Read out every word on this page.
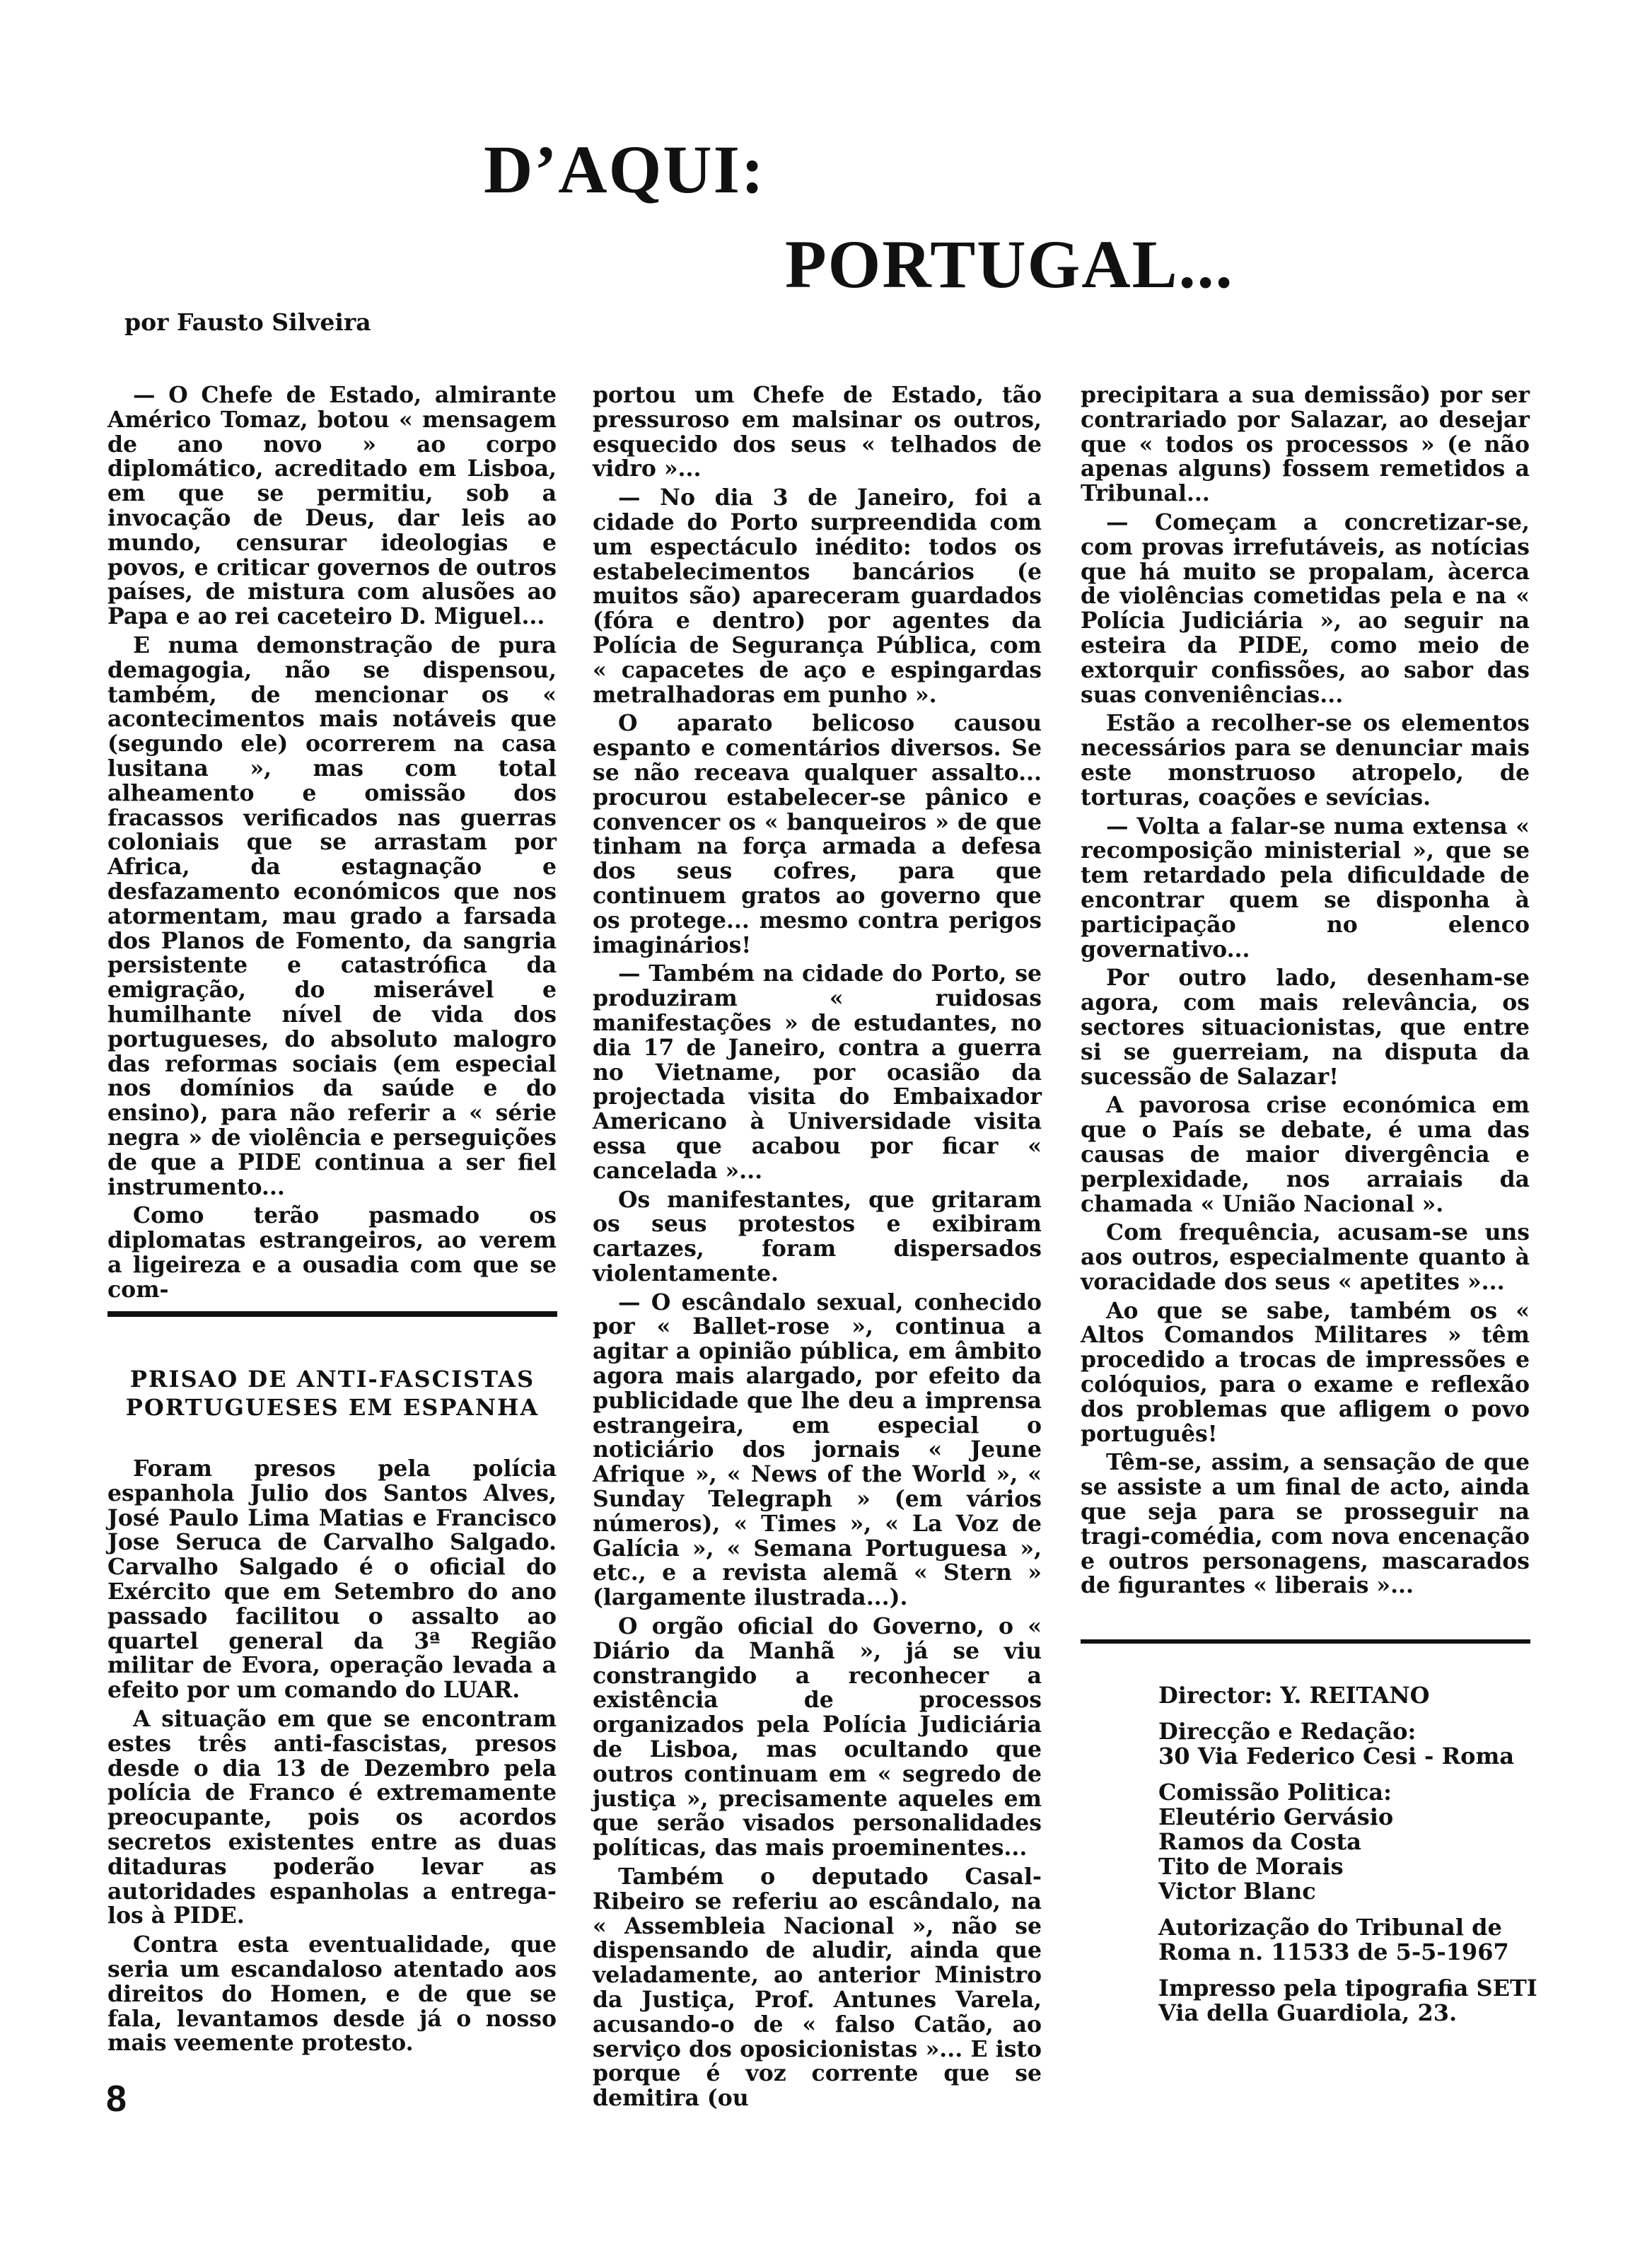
D’AQUI:
PORTUGAL...
por Fausto Silveira

— O Chefe de Estado, almirante Américo Tomaz, botou « mensagem de ano novo » ao corpo diplomático, acreditado em Lisboa, em que se permitiu, sob a invocação de Deus, dar leis ao mundo, censurar ideologias e povos, e criticar governos de outros países, de mistura com alusões ao Papa e ao rei caceteiro D. Miguel...

E numa demonstração de pura demagogia, não se dispensou, também, de mencionar os « acontecimentos mais notáveis que (segundo ele) ocorrerem na casa lusitana », mas com total alheamento e omissão dos fracassos verificados nas guerras coloniais que se arrastam por Africa, da estagnação e desfazamento económicos que nos atormentam, mau grado a farsada dos Planos de Fomento, da sangria persistente e catastrófica da emigração, do miserável e humilhante nível de vida dos portugueses, do absoluto malogro das reformas sociais (em especial nos domínios da saúde e do ensino), para não referir a « série negra » de violência e perseguições de que a PIDE continua a ser fiel instrumento...

Como terão pasmado os diplomatas estrangeiros, ao verem a ligeireza e a ousadia com que se com-

PRISAO DE ANTI-FASCISTAS
PORTUGUESES EM ESPANHA

Foram presos pela polícia espanhola Julio dos Santos Alves, José Paulo Lima Matias e Francisco Jose Seruca de Carvalho Salgado. Carvalho Salgado é o oficial do Exército que em Setembro do ano passado facilitou o assalto ao quartel general da 3ª Região militar de Evora, operação levada a efeito por um comando do LUAR.

A situação em que se encontram estes três anti-fascistas, presos desde o dia 13 de Dezembro pela polícia de Franco é extremamente preocupante, pois os acordos secretos existentes entre as duas ditaduras poderão levar as autoridades espanholas a entrega-los à PIDE.

Contra esta eventualidade, que seria um escandaloso atentado aos direitos do Homen, e de que se fala, levantamos desde já o nosso mais veemente protesto.

portou um Chefe de Estado, tão pressuroso em malsinar os outros, esquecido dos seus « telhados de vidro »...

— No dia 3 de Janeiro, foi a cidade do Porto surpreendida com um espectáculo inédito: todos os estabelecimentos bancários (e muitos são) apareceram guardados (fóra e dentro) por agentes da Polícia de Segurança Pública, com « capacetes de aço e espingardas metralhadoras em punho ».

O aparato belicoso causou espanto e comentários diversos. Se se não receava qualquer assalto... procurou estabelecer-se pânico e convencer os « banqueiros » de que tinham na força armada a defesa dos seus cofres, para que continuem gratos ao governo que os protege... mesmo contra perigos imaginários!

— Também na cidade do Porto, se produziram « ruidosas manifestações » de estudantes, no dia 17 de Janeiro, contra a guerra no Vietname, por ocasião da projectada visita do Embaixador Americano à Universidade visita essa que acabou por ficar « cancelada »...

Os manifestantes, que gritaram os seus protestos e exibiram cartazes, foram dispersados violentamente.

— O escândalo sexual, conhecido por « Ballet-rose », continua a agitar a opinião pública, em âmbito agora mais alargado, por efeito da publicidade que lhe deu a imprensa estrangeira, em especial o noticiário dos jornais « Jeune Afrique », « News of the World », « Sunday Telegraph » (em vários números), « Times », « La Voz de Galícia », « Semana Portuguesa », etc., e a revista alemã « Stern » (largamente ilustrada...).

O orgão oficial do Governo, o « Diário da Manhã », já se viu constrangido a reconhecer a existência de processos organizados pela Polícia Judiciária de Lisboa, mas ocultando que outros continuam em « segredo de justiça », precisamente aqueles em que serão visados personalidades políticas, das mais proeminentes...

Também o deputado Casal-Ribeiro se referiu ao escândalo, na « Assembleia Nacional », não se dispensando de aludir, ainda que veladamente, ao anterior Ministro da Justiça, Prof. Antunes Varela, acusando-o de « falso Catão, ao serviço dos oposicionistas »... E isto porque é voz corrente que se demitira (ou

precipitara a sua demissão) por ser contrariado por Salazar, ao desejar que « todos os processos » (e não apenas alguns) fossem remetidos a Tribunal...

— Começam a concretizar-se, com provas irrefutáveis, as notícias que há muito se propalam, àcerca de violências cometidas pela e na « Polícia Judiciária », ao seguir na esteira da PIDE, como meio de extorquir confissões, ao sabor das suas conveniências...

Estão a recolher-se os elementos necessários para se denunciar mais este monstruoso atropelo, de torturas, coações e sevícias.

— Volta a falar-se numa extensa « recomposição ministerial », que se tem retardado pela dificuldade de encontrar quem se disponha à participação no elenco governativo...

Por outro lado, desenham-se agora, com mais relevância, os sectores situacionistas, que entre si se guerreiam, na disputa da sucessão de Salazar!

A pavorosa crise económica em que o País se debate, é uma das causas de maior divergência e perplexidade, nos arraiais da chamada « União Nacional ».

Com frequência, acusam-se uns aos outros, especialmente quanto à voracidade dos seus « apetites »...

Ao que se sabe, também os « Altos Comandos Militares » têm procedido a trocas de impressões e colóquios, para o exame e reflexão dos problemas que afligem o povo português!

Têm-se, assim, a sensação de que se assiste a um final de acto, ainda que seja para se prosseguir na tragi-comédia, com nova encenação e outros personagens, mascarados de figurantes « liberais »...

Director: Y. REITANO
Direcção e Redação:
30 Via Federico Cesi - Roma
Comissão Politica:
Eleutério Gervásio
Ramos da Costa
Tito de Morais
Victor Blanc
Autorização do Tribunal de
Roma n. 11533 de 5-5-1967
Impresso pela tipografia SETI
Via della Guardiola, 23.
8
